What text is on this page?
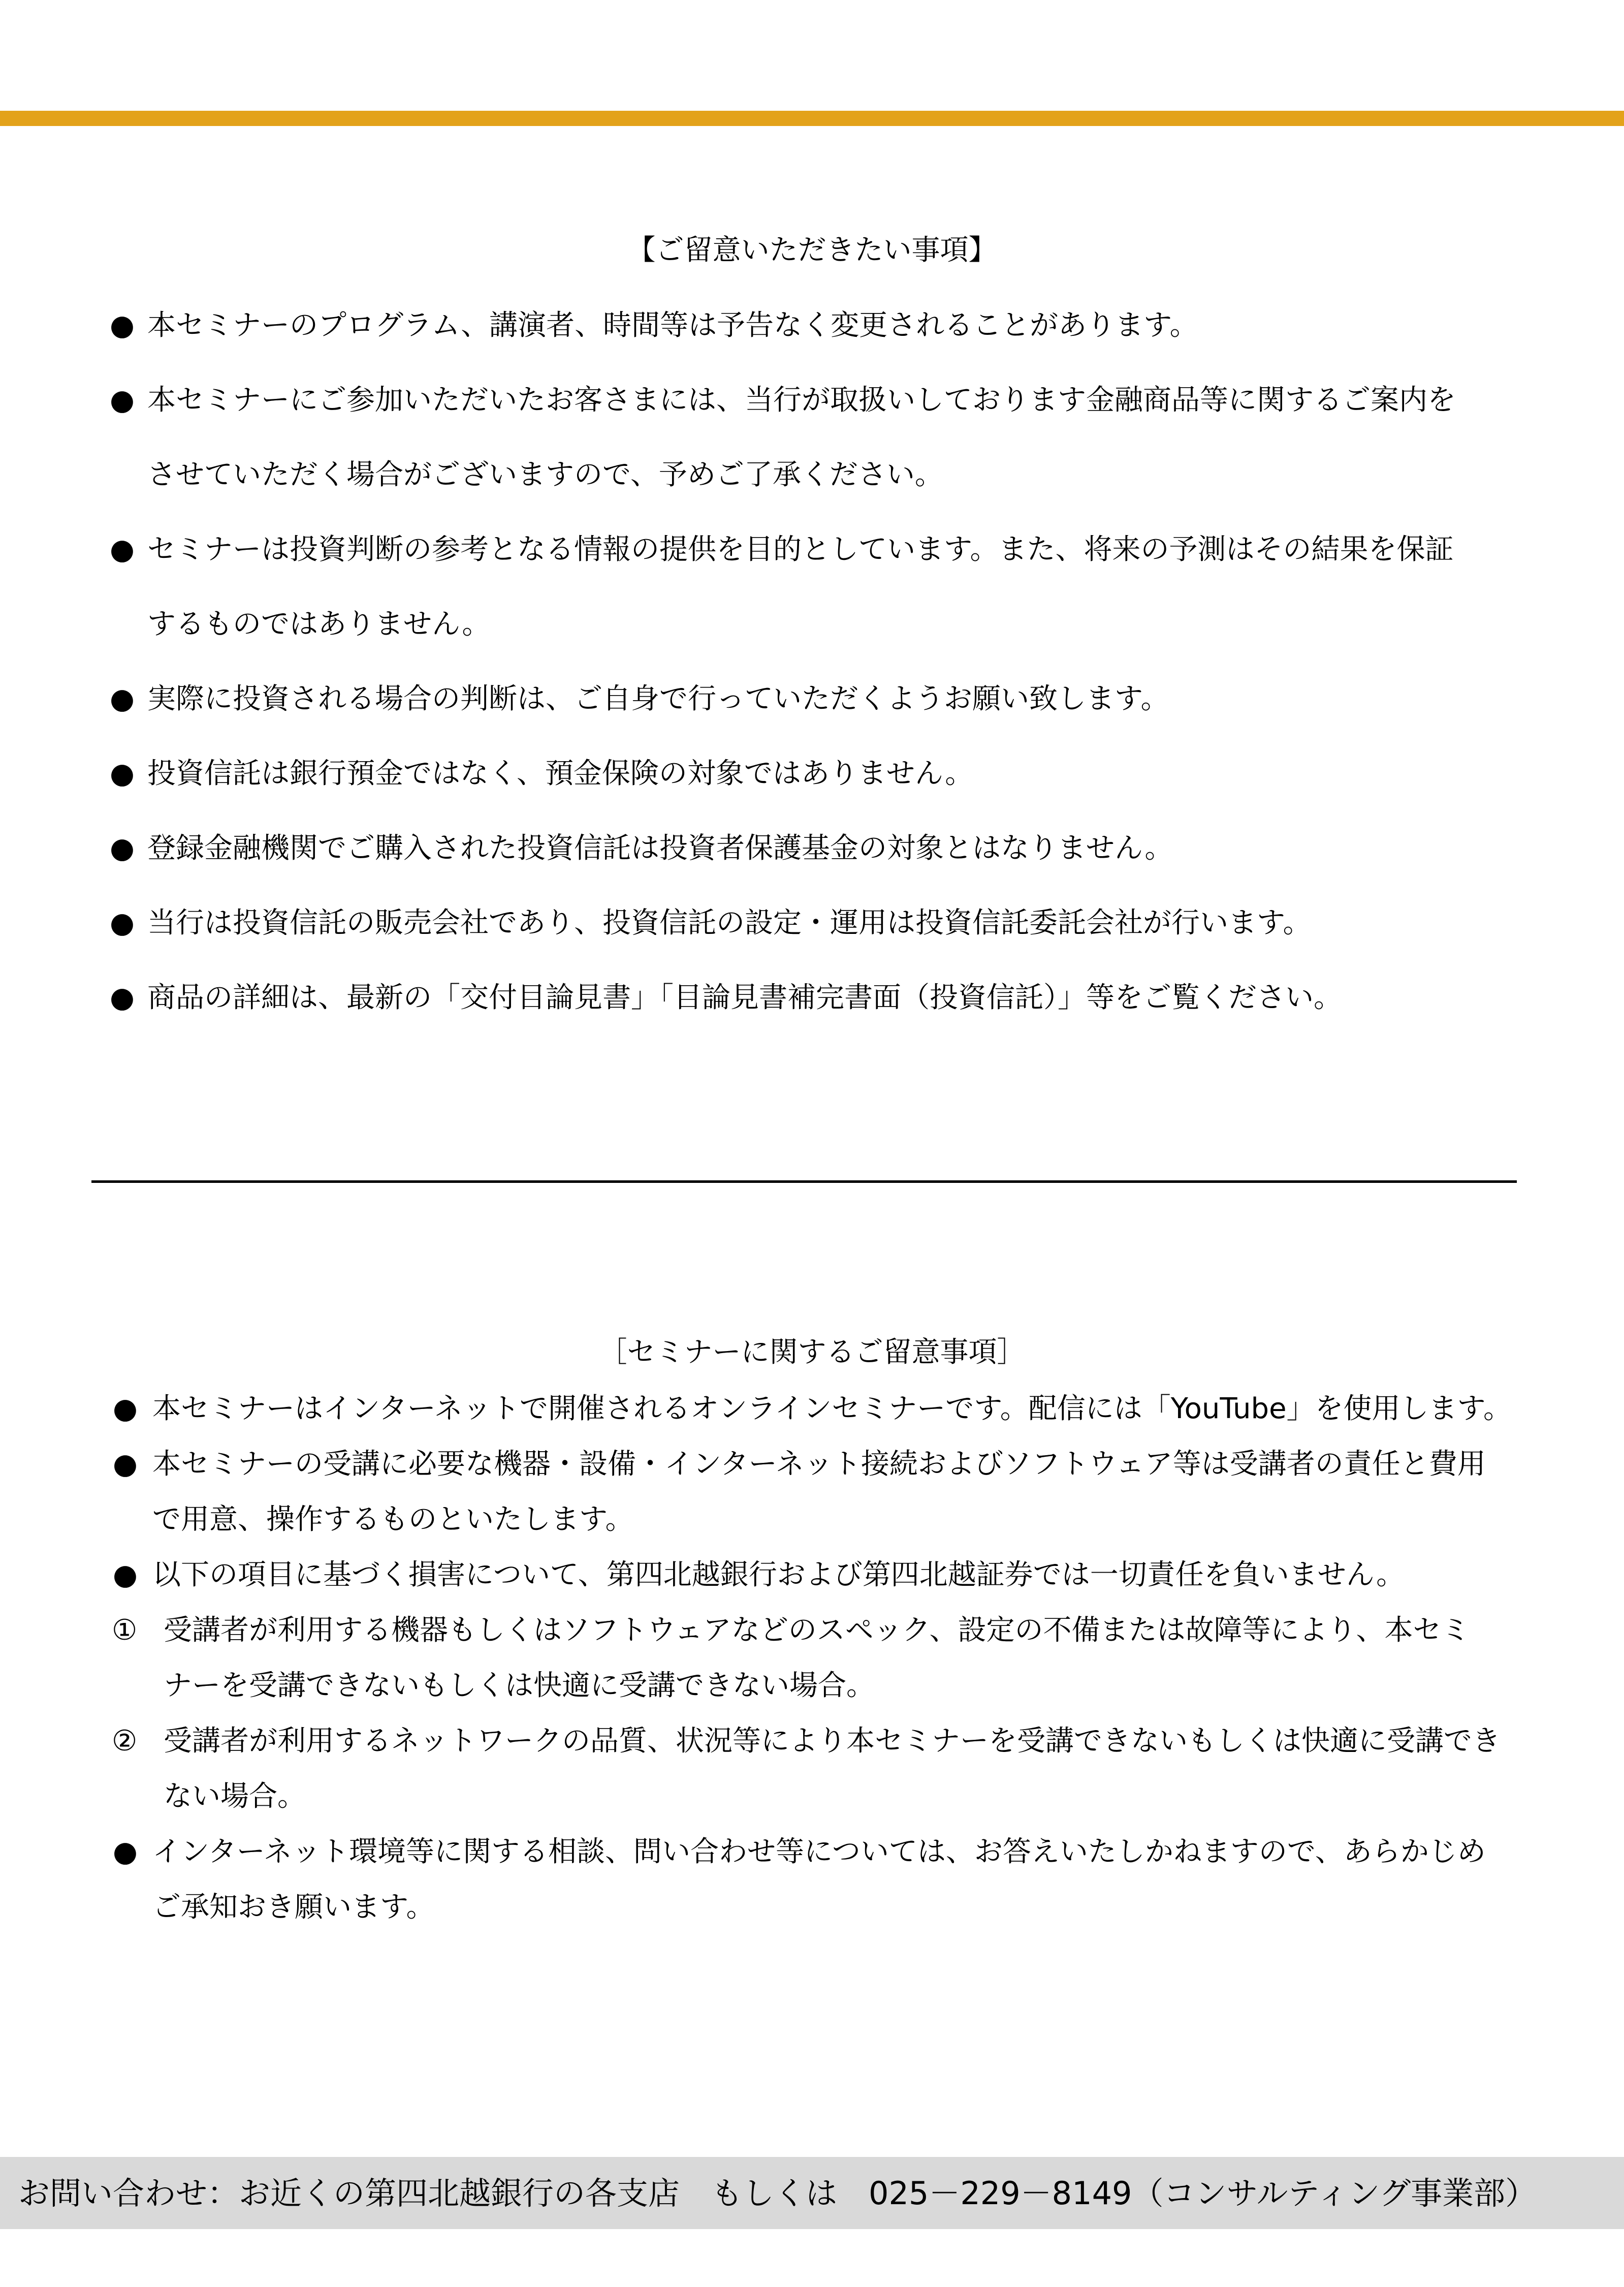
【ご留意いただきたい事項】
● 本セミナーのプログラム、講演者、時間等は予告なく変更されることがあります。
● 本セミナーにご参加いただいたお客さまには、当行が取扱いしております金融商品等に関するご案内を
させていただく場合がございますので、予めご了承ください。
● セミナーは投資判断の参考となる情報の提供を目的としています。また、将来の予測はその結果を保証
するものではありません。
● 実際に投資される場合の判断は、ご自身で行っていただくようお願い致します。
● 投資信託は銀行預金ではなく、預金保険の対象ではありません。
● 登録金融機関でご購入された投資信託は投資者保護基金の対象とはなりません。
● 当行は投資信託の販売会社であり、投資信託の設定・運用は投資信託委託会社が行います。
● 商品の詳細は、最新の「交付目論見書」「目論見書補完書面（投資信託）」等をご覧ください。
［セミナーに関するご留意事項］
● 本セミナーはインターネットで開催されるオンラインセミナーです。配信には「YouTube」を使用します。
● 本セミナーの受講に必要な機器・設備・インターネット接続およびソフトウェア等は受講者の責任と費用
で用意、操作するものといたします。
● 以下の項目に基づく損害について、第四北越銀行および第四北越証券では一切責任を負いません。
① 受講者が利用する機器もしくはソフトウェアなどのスペック、設定の不備または故障等により、本セミ
ナーを受講できないもしくは快適に受講できない場合。
② 受講者が利用するネットワークの品質、状況等により本セミナーを受講できないもしくは快適に受講でき
ない場合。
● インターネット環境等に関する相談、問い合わせ等については、お答えいたしかねますので、あらかじめ
ご承知おき願います。
お問い合わせ：お近くの第四北越銀行の各支店　もしくは　025－229－8149（コンサルティング事業部）
